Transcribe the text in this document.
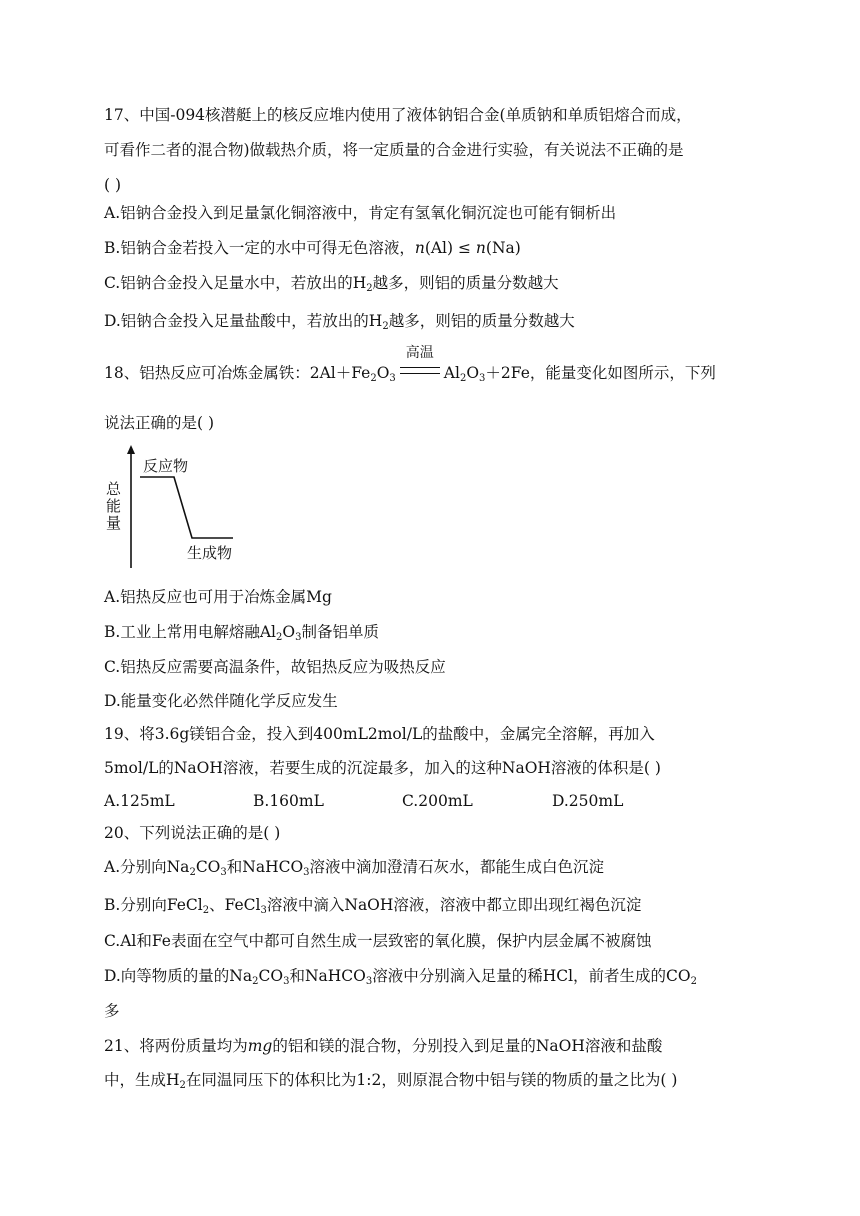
17、中国-094核潜艇上的核反应堆内使用了液体钠铝合金(单质钠和单质铝熔合而成，
可看作二者的混合物)做载热介质，将一定质量的合金进行实验，有关说法不正确的是
( )
A.铝钠合金投入到足量氯化铜溶液中，肯定有氢氧化铜沉淀也可能有铜析出
B.铝钠合金若投入一定的水中可得无色溶液，n(Al) ≤ n(Na)
C.铝钠合金投入足量水中，若放出的$H_2$越多，则铝的质量分数越大
D.铝钠合金投入足量盐酸中，若放出的$H_2$越多，则铝的质量分数越大
18、铝热反应可冶炼金属铁：$2Al+Fe_2O_3$
高温
$Al_2O_3+2Fe$，能量变化如图所示，下列
说法正确的是( )
总
能
量
反应物
生成物
A.铝热反应也可用于冶炼金属Mg
B.工业上常用电解熔融$Al_2O_3$制备铝单质
C.铝热反应需要高温条件，故铝热反应为吸热反应
D.能量变化必然伴随化学反应发生
19、将3.6g镁铝合金，投入到400mL2mol/L的盐酸中，金属完全溶解，再加入
5mol/L的NaOH溶液，若要生成的沉淀最多，加入的这种NaOH溶液的体积是( )
A.125mL	B.160mL	C.200mL	D.250mL
20、下列说法正确的是( )
A.分别向$Na_2CO_3$和NaHCO$_3$溶液中滴加澄清石灰水，都能生成白色沉淀
B.分别向FeCl$_2$、FeCl$_3$溶液中滴入NaOH溶液，溶液中都立即出现红褐色沉淀
C.Al和Fe表面在空气中都可自然生成一层致密的氧化膜，保护内层金属不被腐蚀
D.向等物质的量的$Na_2CO_3$和NaHCO$_3$溶液中分别滴入足量的稀HCl，前者生成的$CO_2$
多
21、将两份质量均为mg的铝和镁的混合物，分别投入到足量的NaOH溶液和盐酸
中，生成$H_2$在同温同压下的体积比为1:2，则原混合物中铝与镁的物质的量之比为( )
